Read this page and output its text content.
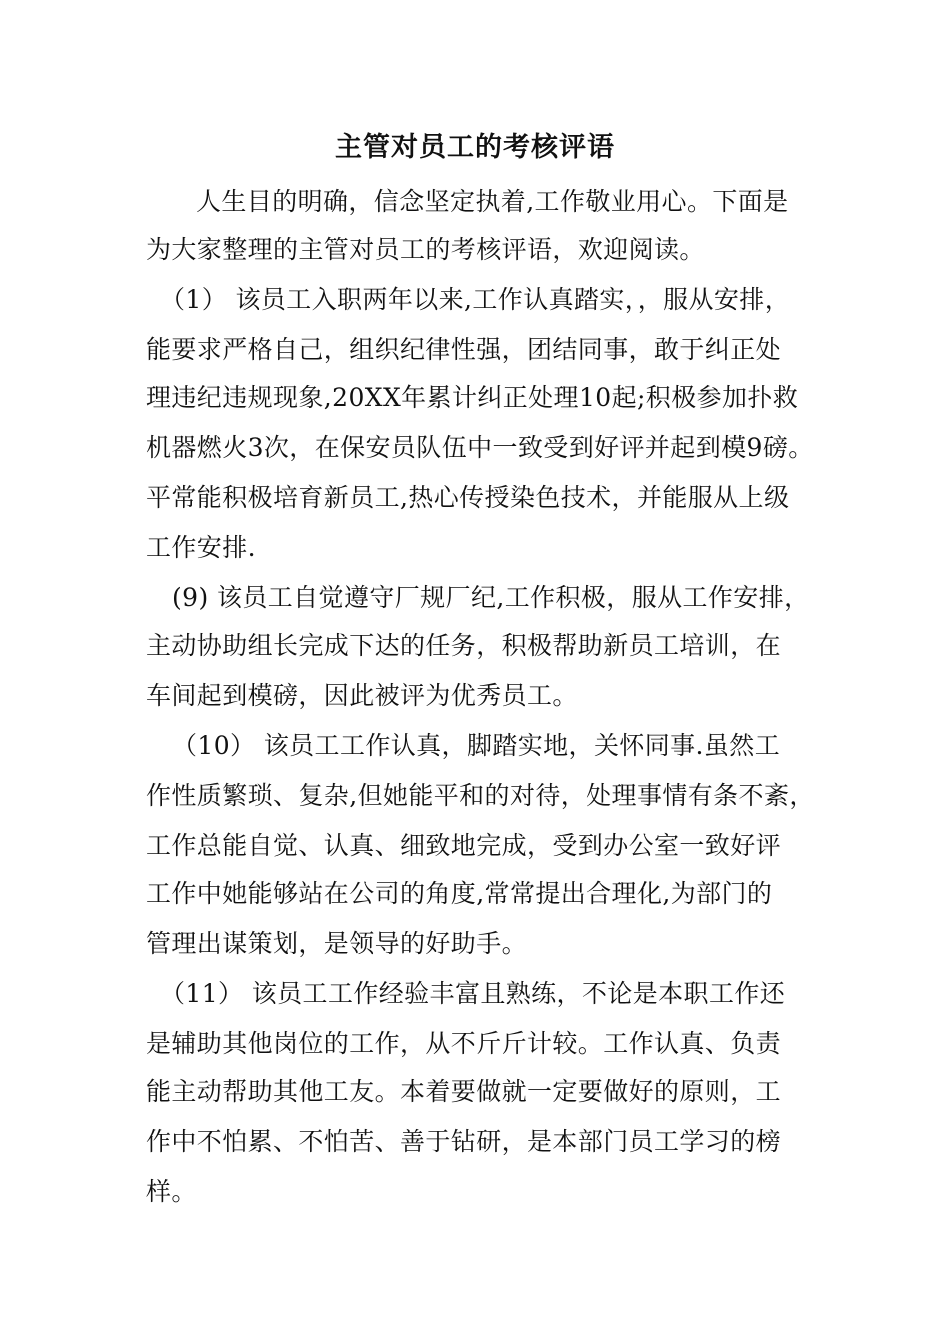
主管对员工的考核评语
人生目的明确，信念坚定执着,工作敬业用心。下面是
为大家整理的主管对员工的考核评语，欢迎阅读。
（1） 该员工入职两年以来,工作认真踏实，，服从安排，
能要求严格自己，组织纪律性强，团结同事，敢于纠正处
理违纪违规现象,20XX年累计纠正处理10起;积极参加扑救
机器燃火3次，在保安员队伍中一致受到好评并起到模9磅。
平常能积极培育新员工,热心传授染色技术，并能服从上级
工作安排.
(9) 该员工自觉遵守厂规厂纪,工作积极，服从工作安排，
主动协助组长完成下达的任务，积极帮助新员工培训，在
车间起到模磅，因此被评为优秀员工。
（10） 该员工工作认真，脚踏实地，关怀同事.虽然工
作性质繁琐、复杂,但她能平和的对待，处理事情有条不紊，
工作总能自觉、认真、细致地完成，受到办公室一致好评
工作中她能够站在公司的角度,常常提出合理化,为部门的
管理出谋策划，是领导的好助手。
（11） 该员工工作经验丰富且熟练，不论是本职工作还
是辅助其他岗位的工作，从不斤斤计较。工作认真、负责
能主动帮助其他工友。本着要做就一定要做好的原则，工
作中不怕累、不怕苦、善于钻研，是本部门员工学习的榜
样。
